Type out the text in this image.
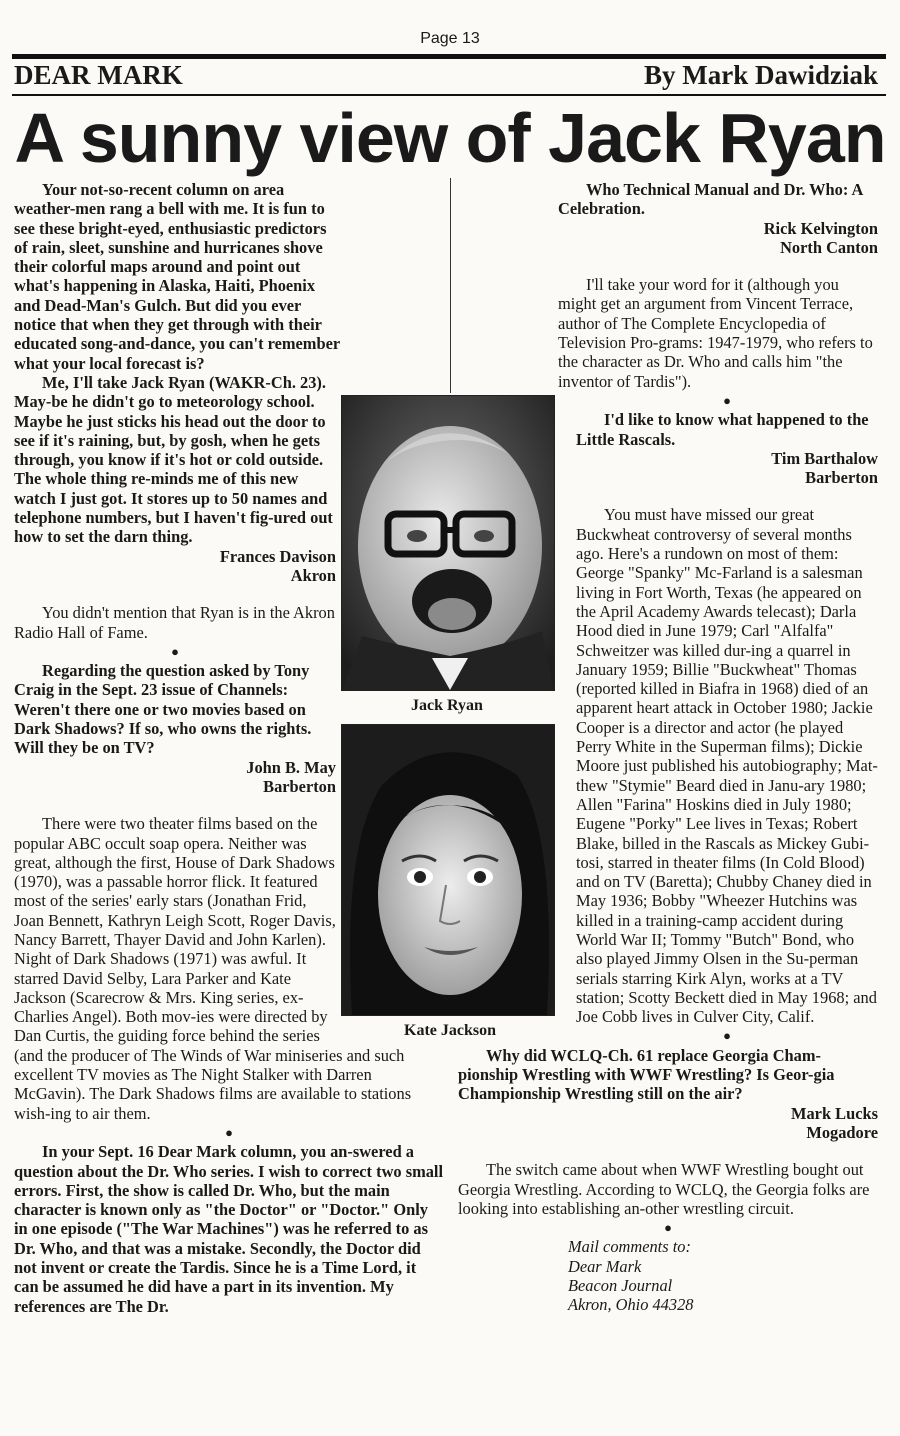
Page 13
DEAR MARK	By Mark Dawidziak
A sunny view of Jack Ryan

Your not-so-recent column on area weather-men rang a bell with me. It is fun to see these bright-eyed, enthusiastic predictors of rain, sleet, sunshine and hurricanes shove their colorful maps around and point out what's happening in Alaska, Haiti, Phoenix and Dead-Man's Gulch. But did you ever notice that when they get through with their educated song-and-dance, you can't remember what your local forecast is?

Me, I'll take Jack Ryan (WAKR-Ch. 23). May-be he didn't go to meteorology school. Maybe he just sticks his head out the door to see if it's raining, but, by gosh, when he gets through, you know if it's hot or cold outside. The whole thing re-minds me of this new watch I just got. It stores up to 50 names and telephone numbers, but I haven't fig-ured out how to set the darn thing.

Frances Davison

Akron

You didn't mention that Ryan is in the Akron Radio Hall of Fame.

●

Regarding the question asked by Tony Craig in the Sept. 23 issue of Channels: Weren't there one or two movies based on Dark Shadows? If so, who owns the rights. Will they be on TV?

John B. May

Barberton

There were two theater films based on the popular ABC occult soap opera. Neither was great, although the first, House of Dark Shadows (1970), was a passable horror flick. It featured most of the series' early stars (Jonathan Frid, Joan Bennett, Kathryn Leigh Scott, Roger Davis, Nancy Barrett, Thayer David and John Karlen). Night of Dark Shadows (1971) was awful. It starred David Selby, Lara Parker and Kate Jackson (Scarecrow & Mrs. King series, ex-Charlies Angel). Both mov-ies were directed by Dan Curtis, the guiding force behind the series (and the producer of The Winds of War miniseries and such excellent TV movies as The Night Stalker with Darren McGavin). The Dark Shadows films are available to stations wish-ing to air them.

●

In your Sept. 16 Dear Mark column, you an-swered a question about the Dr. Who series. I wish to correct two small errors. First, the show is called Dr. Who, but the main character is known only as "the Doctor" or "Doctor." Only in one episode ("The War Machines") was he referred to as Dr. Who, and that was a mistake. Secondly, the Doctor did not invent or create the Tardis. Since he is a Time Lord, it can be assumed he did have a part in its invention. My references are The Dr.

Who Technical Manual and Dr. Who: A Celebration.

Rick Kelvington

North Canton

I'll take your word for it (although you might get an argument from Vincent Terrace, author of The Complete Encyclopedia of Television Pro-grams: 1947-1979, who refers to the character as Dr. Who and calls him "the inventor of Tardis").

●

I'd like to know what happened to the Little Rascals.

Tim Barthalow

Barberton

You must have missed our great Buckwheat controversy of several months ago. Here's a rundown on most of them: George "Spanky" Mc-Farland is a salesman living in Fort Worth, Texas (he appeared on the April Academy Awards telecast); Darla Hood died in June 1979; Carl "Alfalfa" Schweitzer was killed dur-ing a quarrel in January 1959; Billie "Buckwheat" Thomas (reported killed in Biafra in 1968) died of an apparent heart attack in October 1980; Jackie Cooper is a director and actor (he played Perry White in the Superman films); Dickie Moore just published his autobiography; Mat-thew "Stymie" Beard died in Janu-ary 1980; Allen "Farina" Hoskins died in July 1980; Eugene "Porky" Lee lives in Texas; Robert Blake, billed in the Rascals as Mickey Gubi-tosi, starred in theater films (In Cold Blood) and on TV (Baretta); Chubby Chaney died in May 1936; Bobby "Wheezer Hutchins was killed in a training-camp accident during World War II; Tommy "Butch" Bond, who also played Jimmy Olsen in the Su-perman serials starring Kirk Alyn, works at a TV station; Scotty Beckett died in May 1968; and Joe Cobb lives in Culver City, Calif.

●

Why did WCLQ-Ch. 61 replace Georgia Cham-pionship Wrestling with WWF Wrestling? Is Geor-gia Championship Wrestling still on the air?

Mark Lucks

Mogadore

The switch came about when WWF Wrestling bought out Georgia Wrestling. According to WCLQ, the Georgia folks are looking into establishing an-other wrestling circuit.

●

Mail comments to:

Dear Mark

Beacon Journal

Akron, Ohio 44328

Jack Ryan
Kate Jackson
